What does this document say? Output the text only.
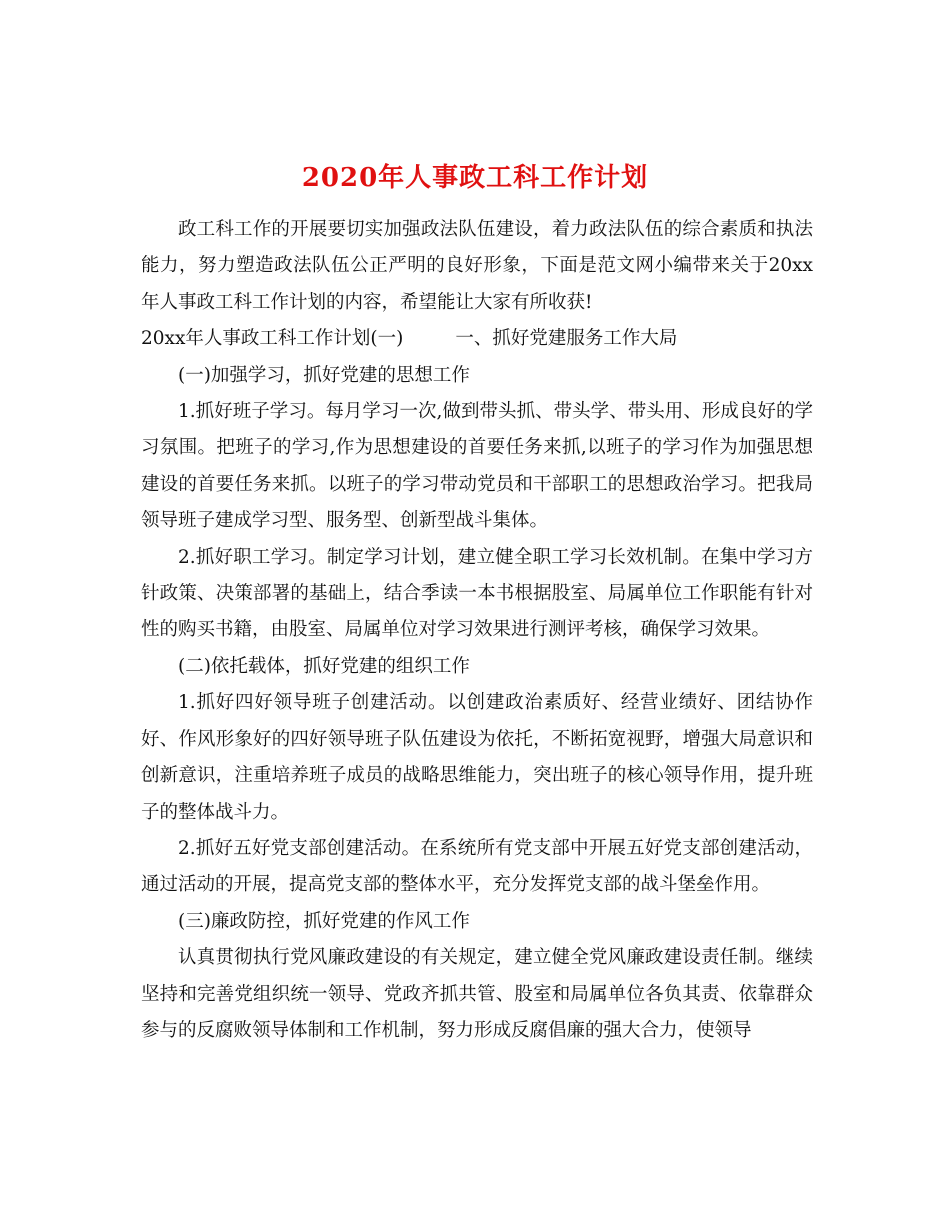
2020年人事政工科工作计划

政工科工作的开展要切实加强政法队伍建设，着力政法队伍的综合素质和执法能力，努力塑造政法队伍公正严明的良好形象，下面是范文网小编带来关于20xx年人事政工科工作计划的内容，希望能让大家有所收获!

20xx年人事政工科工作计划(一)	一、抓好党建服务工作大局

(一)加强学习，抓好党建的思想工作

1.抓好班子学习。每月学习一次,做到带头抓、带头学、带头用、形成良好的学习氛围。把班子的学习,作为思想建设的首要任务来抓,以班子的学习作为加强思想建设的首要任务来抓。以班子的学习带动党员和干部职工的思想政治学习。把我局领导班子建成学习型、服务型、创新型战斗集体。

2.抓好职工学习。制定学习计划，建立健全职工学习长效机制。在集中学习方针政策、决策部署的基础上，结合季读一本书根据股室、局属单位工作职能有针对性的购买书籍，由股室、局属单位对学习效果进行测评考核，确保学习效果。

(二)依托载体，抓好党建的组织工作

1.抓好四好领导班子创建活动。以创建政治素质好、经营业绩好、团结协作好、作风形象好的四好领导班子队伍建设为依托，不断拓宽视野，增强大局意识和创新意识，注重培养班子成员的战略思维能力，突出班子的核心领导作用，提升班子的整体战斗力。

2.抓好五好党支部创建活动。在系统所有党支部中开展五好党支部创建活动，通过活动的开展，提高党支部的整体水平，充分发挥党支部的战斗堡垒作用。

(三)廉政防控，抓好党建的作风工作

认真贯彻执行党风廉政建设的有关规定，建立健全党风廉政建设责任制。继续坚持和完善党组织统一领导、党政齐抓共管、股室和局属单位各负其责、依靠群众参与的反腐败领导体制和工作机制，努力形成反腐倡廉的强大合力，使领导
